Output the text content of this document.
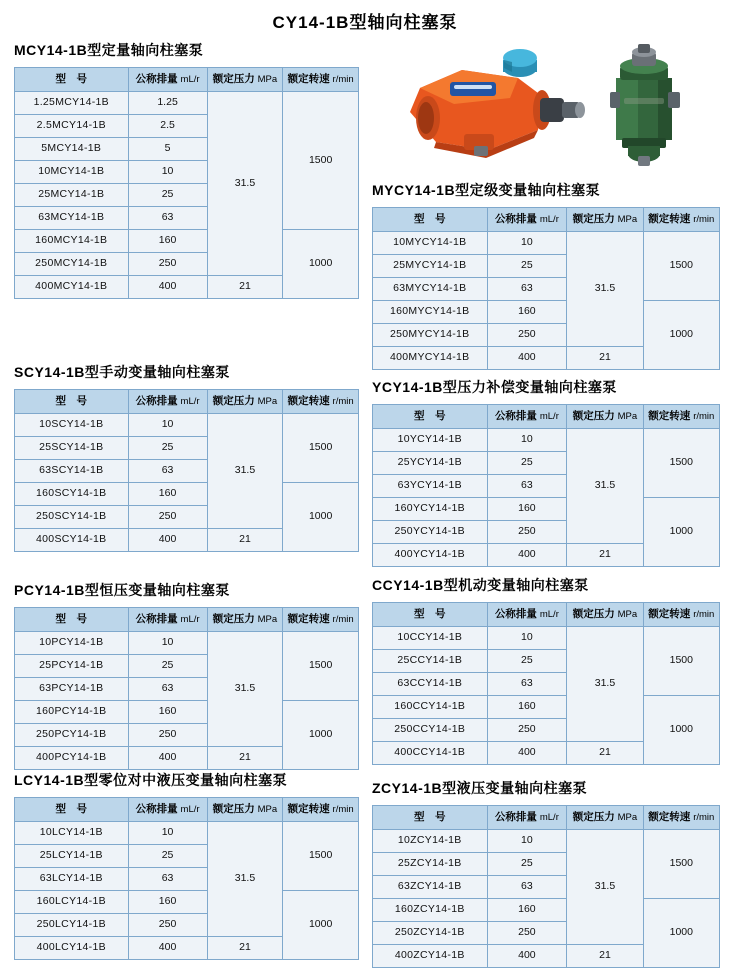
CY14-1B型轴向柱塞泵
MCY14-1B型定量轴向柱塞泵
型　号	公称排量 mL/r	额定压力 MPa	额定转速 r/min
1.25MCY14-1B	1.25	31.5	1500
2.5MCY14-1B	2.5		
5MCY14-1B	5		
10MCY14-1B	10		
25MCY14-1B	25		
63MCY14-1B	63		
160MCY14-1B	160		1000
250MCY14-1B	250		
400MCY14-1B	400	21	
SCY14-1B型手动变量轴向柱塞泵
型　号	公称排量 mL/r	额定压力 MPa	额定转速 r/min
10SCY14-1B	10	31.5	1500
25SCY14-1B	25		
63SCY14-1B	63		
160SCY14-1B	160		1000
250SCY14-1B	250		
400SCY14-1B	400	21	
PCY14-1B型恒压变量轴向柱塞泵
型　号	公称排量 mL/r	额定压力 MPa	额定转速 r/min
10PCY14-1B	10	31.5	1500
25PCY14-1B	25		
63PCY14-1B	63		
160PCY14-1B	160		1000
250PCY14-1B	250		
400PCY14-1B	400	21	
LCY14-1B型零位对中液压变量轴向柱塞泵
型　号	公称排量 mL/r	额定压力 MPa	额定转速 r/min
10LCY14-1B	10	31.5	1500
25LCY14-1B	25		
63LCY14-1B	63		
160LCY14-1B	160		1000
250LCY14-1B	250		
400LCY14-1B	400	21	
MYCY14-1B型定级变量轴向柱塞泵
型　号	公称排量 mL/r	额定压力 MPa	额定转速 r/min
10MYCY14-1B	10	31.5	1500
25MYCY14-1B	25		
63MYCY14-1B	63		
160MYCY14-1B	160		1000
250MYCY14-1B	250		
400MYCY14-1B	400	21	
YCY14-1B型压力补偿变量轴向柱塞泵
型　号	公称排量 mL/r	额定压力 MPa	额定转速 r/min
10YCY14-1B	10	31.5	1500
25YCY14-1B	25		
63YCY14-1B	63		
160YCY14-1B	160		1000
250YCY14-1B	250		
400YCY14-1B	400	21	
CCY14-1B型机动变量轴向柱塞泵
型　号	公称排量 mL/r	额定压力 MPa	额定转速 r/min
10CCY14-1B	10	31.5	1500
25CCY14-1B	25		
63CCY14-1B	63		
160CCY14-1B	160		1000
250CCY14-1B	250		
400CCY14-1B	400	21	
ZCY14-1B型液压变量轴向柱塞泵
型　号	公称排量 mL/r	额定压力 MPa	额定转速 r/min
10ZCY14-1B	10	31.5	1500
25ZCY14-1B	25		
63ZCY14-1B	63		
160ZCY14-1B	160		1000
250ZCY14-1B	250		
400ZCY14-1B	400	21	
